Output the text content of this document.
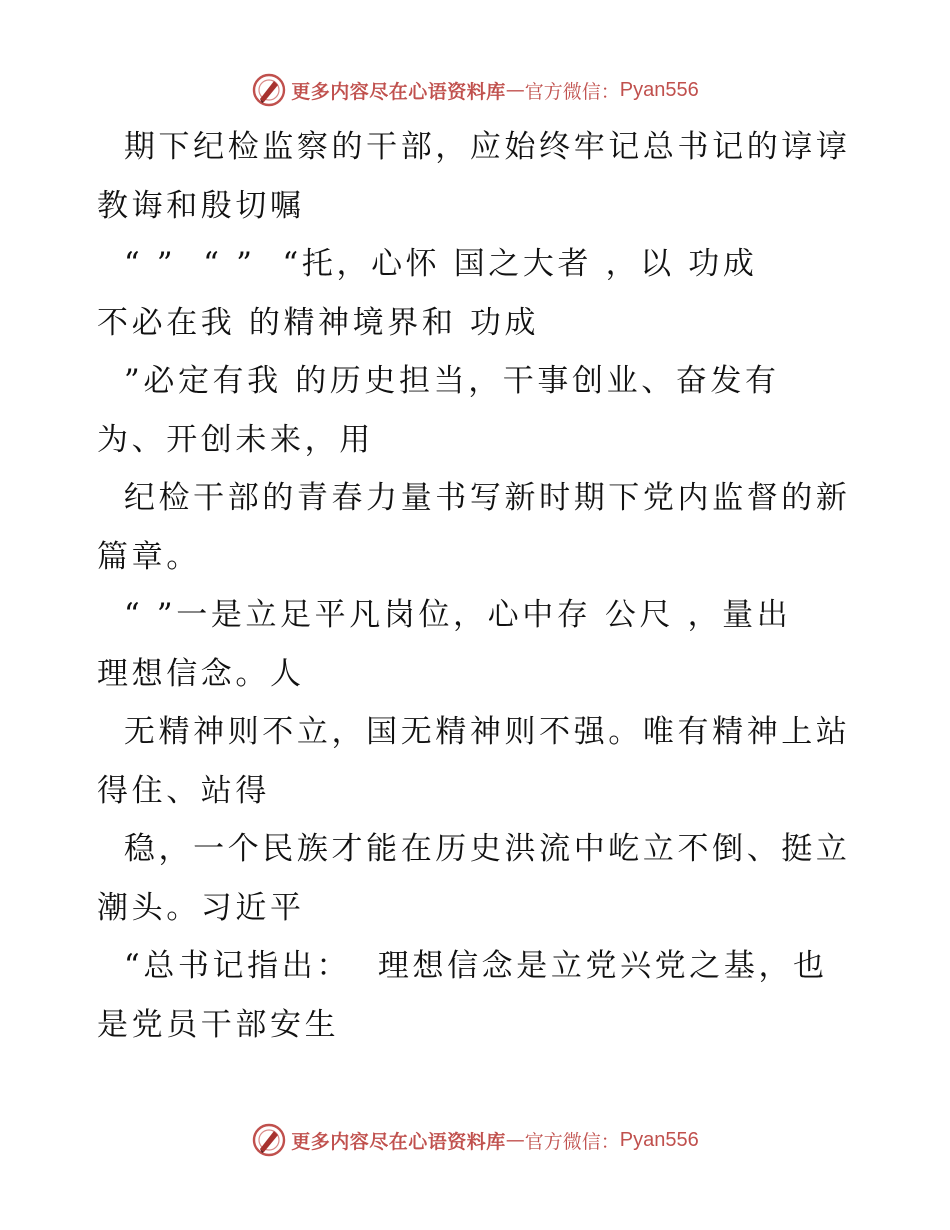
更多内容尽在心语资料库 — 官方微信： Pyan556
期下纪检监察的干部，应始终牢记总书记的谆谆
教诲和殷切嘱
“ ”  “ ”  “托，心怀 国之大者 ，以 功成
不必在我 的精神境界和 功成
”必定有我 的历史担当，干事创业、奋发有
为、开创未来，用
纪检干部的青春力量书写新时期下党内监督的新
篇章。
“ ”一是立足平凡岗位，心中存 公尺 ，量出
理想信念。人
无精神则不立，国无精神则不强。唯有精神上站
得住、站得
稳，一个民族才能在历史洪流中屹立不倒、挺立
潮头。习近平
“总书记指出：  理想信念是立党兴党之基，也
是党员干部安生
更多内容尽在心语资料库 — 官方微信： Pyan556
